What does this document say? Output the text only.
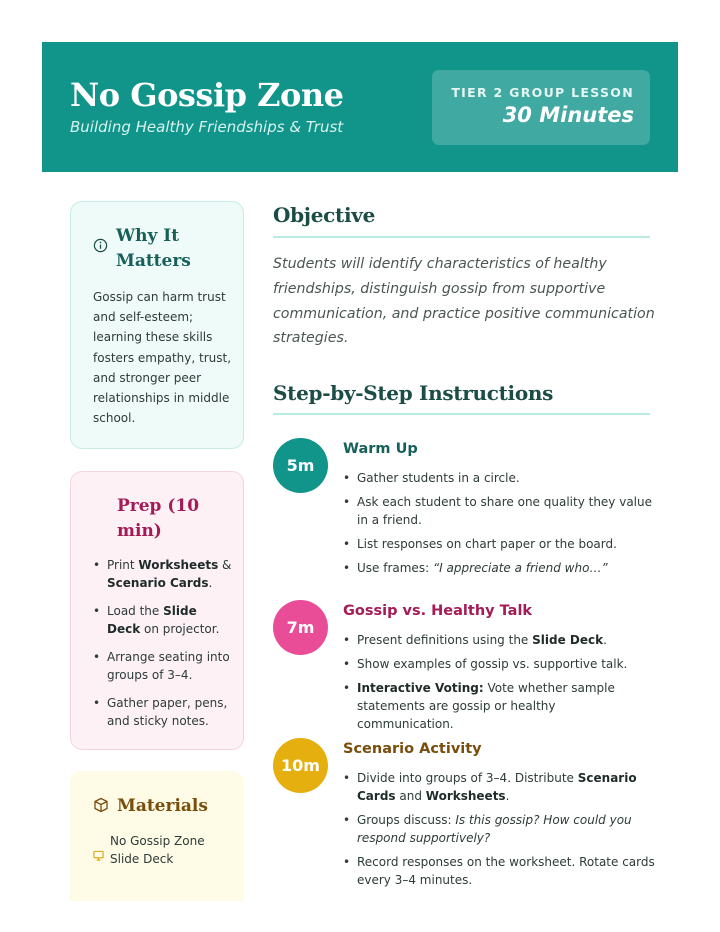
No Gossip Zone
Building Healthy Friendships & Trust
TIER 2 GROUP LESSON
30 Minutes
Why It Matters
Gossip can harm trust and self-esteem; learning these skills fosters empathy, trust, and stronger peer relationships in middle school.
Prep (10 min)
• Print Worksheets & Scenario Cards.
• Load the Slide Deck on projector.
• Arrange seating into groups of 3–4.
• Gather paper, pens, and sticky notes.
Materials
No Gossip Zone Slide Deck
Objective
Students will identify characteristics of healthy friendships, distinguish gossip from supportive communication, and practice positive communication strategies.
Step-by-Step Instructions
5m
Warm Up
• Gather students in a circle.
• Ask each student to share one quality they value in a friend.
• List responses on chart paper or the board.
• Use frames: “I appreciate a friend who…”
7m
Gossip vs. Healthy Talk
• Present definitions using the Slide Deck.
• Show examples of gossip vs. supportive talk.
• Interactive Voting: Vote whether sample statements are gossip or healthy communication.
10m
Scenario Activity
• Divide into groups of 3–4. Distribute Scenario Cards and Worksheets.
• Groups discuss: Is this gossip? How could you respond supportively?
• Record responses on the worksheet. Rotate cards every 3–4 minutes.
